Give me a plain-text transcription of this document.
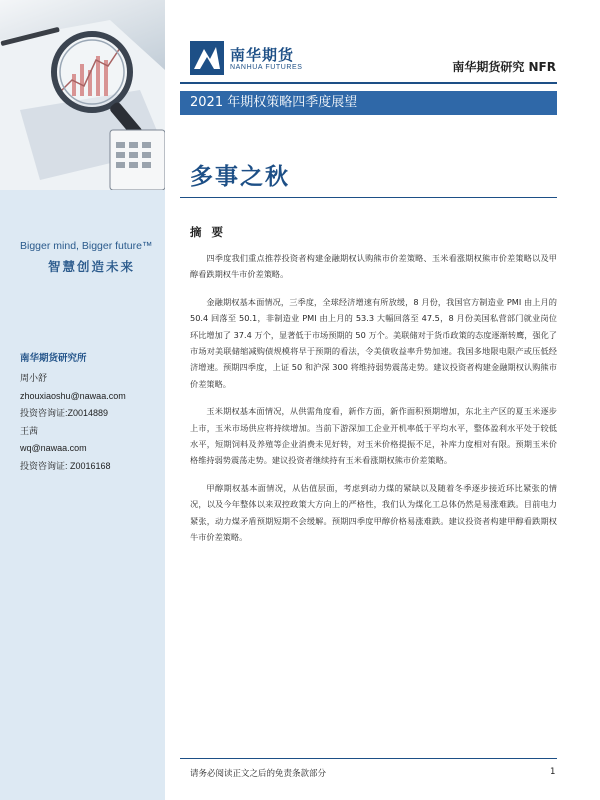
Bigger mind, Bigger future™
智慧创造未来
南华期货研究所
周小舒
zhouxiaoshu@nawaa.com
投资咨询证:Z0014889
王茜
wq@nawaa.com
投资咨询证: Z0016168
南华期货
NANHUA FUTURES	南华期货研究 NFR
2021 年期权策略四季度展望
多事之秋
摘 要

四季度我们重点推荐投资者构建金融期权认购熊市价差策略、玉米看涨期权熊市价差策略以及甲醇看跌期权牛市价差策略。

金融期权基本面情况，三季度，全球经济增速有所放缓，8 月份，我国官方制造业 PMI 由上月的 50.4 回落至 50.1，非制造业 PMI 由上月的 53.3 大幅回落至 47.5，8 月份美国私营部门就业岗位环比增加了 37.4 万个，显著低于市场预期的 50 万个。美联储对于货币政策的态度逐渐转鹰，强化了市场对美联储缩减购债规模将早于预期的看法，令美债收益率升势加速。我国多地限电限产或压低经济增速。预期四季度，上证 50 和沪深 300 将维持弱势震荡走势。建议投资者构建金融期权认购熊市价差策略。

玉米期权基本面情况，从供需角度看，新作方面，新作面积预期增加，东北主产区的夏玉米逐步上市，玉米市场供应将持续增加。当前下游深加工企业开机率低于平均水平，整体盈利水平处于较低水平，短期饲料及养殖等企业消费未见好转，对玉米价格提振不足，补库力度相对有限。预期玉米价格维持弱势震荡走势。建议投资者继续持有玉米看涨期权熊市价差策略。

甲醇期权基本面情况，从估值层面，考虑到动力煤的紧缺以及随着冬季逐步接近环比紧张的情况，以及今年整体以来双控政策大方向上的严格性，我们认为煤化工总体仍然是易涨难跌。目前电力紧张，动力煤矛盾预期短期不会缓解。预期四季度甲醇价格易涨难跌。建议投资者构建甲醇看跌期权牛市价差策略。

请务必阅读正文之后的免责条款部分	1
